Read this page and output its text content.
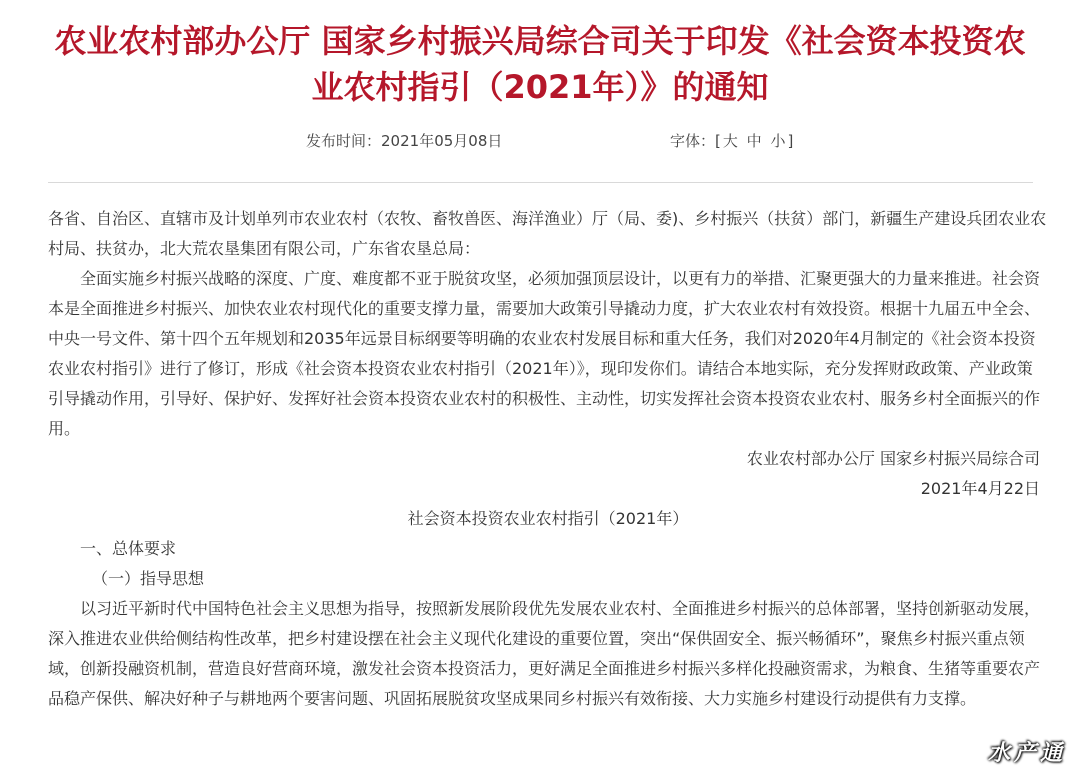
农业农村部办公厅 国家乡村振兴局综合司关于印发《社会资本投资农业农村指引（2021年）》的通知
发布时间：2021年05月08日	字体：[ 大 中 小 ]

各省、自治区、直辖市及计划单列市农业农村（农牧、畜牧兽医、海洋渔业）厅（局、委)、乡村振兴（扶贫）部门，新疆生产建设兵团农业农村局、扶贫办，北大荒农垦集团有限公司，广东省农垦总局：

全面实施乡村振兴战略的深度、广度、难度都不亚于脱贫攻坚，必须加强顶层设计，以更有力的举措、汇聚更强大的力量来推进。社会资本是全面推进乡村振兴、加快农业农村现代化的重要支撑力量，需要加大政策引导撬动力度，扩大农业农村有效投资。根据十九届五中全会、中央一号文件、第十四个五年规划和2035年远景目标纲要等明确的农业农村发展目标和重大任务，我们对2020年4月制定的《社会资本投资农业农村指引》进行了修订，形成《社会资本投资农业农村指引（2021年）》，现印发你们。请结合本地实际，充分发挥财政政策、产业政策引导撬动作用，引导好、保护好、发挥好社会资本投资农业农村的积极性、主动性，切实发挥社会资本投资农业农村、服务乡村全面振兴的作用。

农业农村部办公厅 国家乡村振兴局综合司

2021年4月22日

社会资本投资农业农村指引（2021年）

一、总体要求

（一）指导思想

以习近平新时代中国特色社会主义思想为指导，按照新发展阶段优先发展农业农村、全面推进乡村振兴的总体部署，坚持创新驱动发展，深入推进农业供给侧结构性改革，把乡村建设摆在社会主义现代化建设的重要位置，突出“保供固安全、振兴畅循环”，聚焦乡村振兴重点领域，创新投融资机制，营造良好营商环境，激发社会资本投资活力，更好满足全面推进乡村振兴多样化投融资需求，为粮食、生猪等重要农产品稳产保供、解决好种子与耕地两个要害问题、巩固拓展脱贫攻坚成果同乡村振兴有效衔接、大力实施乡村建设行动提供有力支撑。

水产通
